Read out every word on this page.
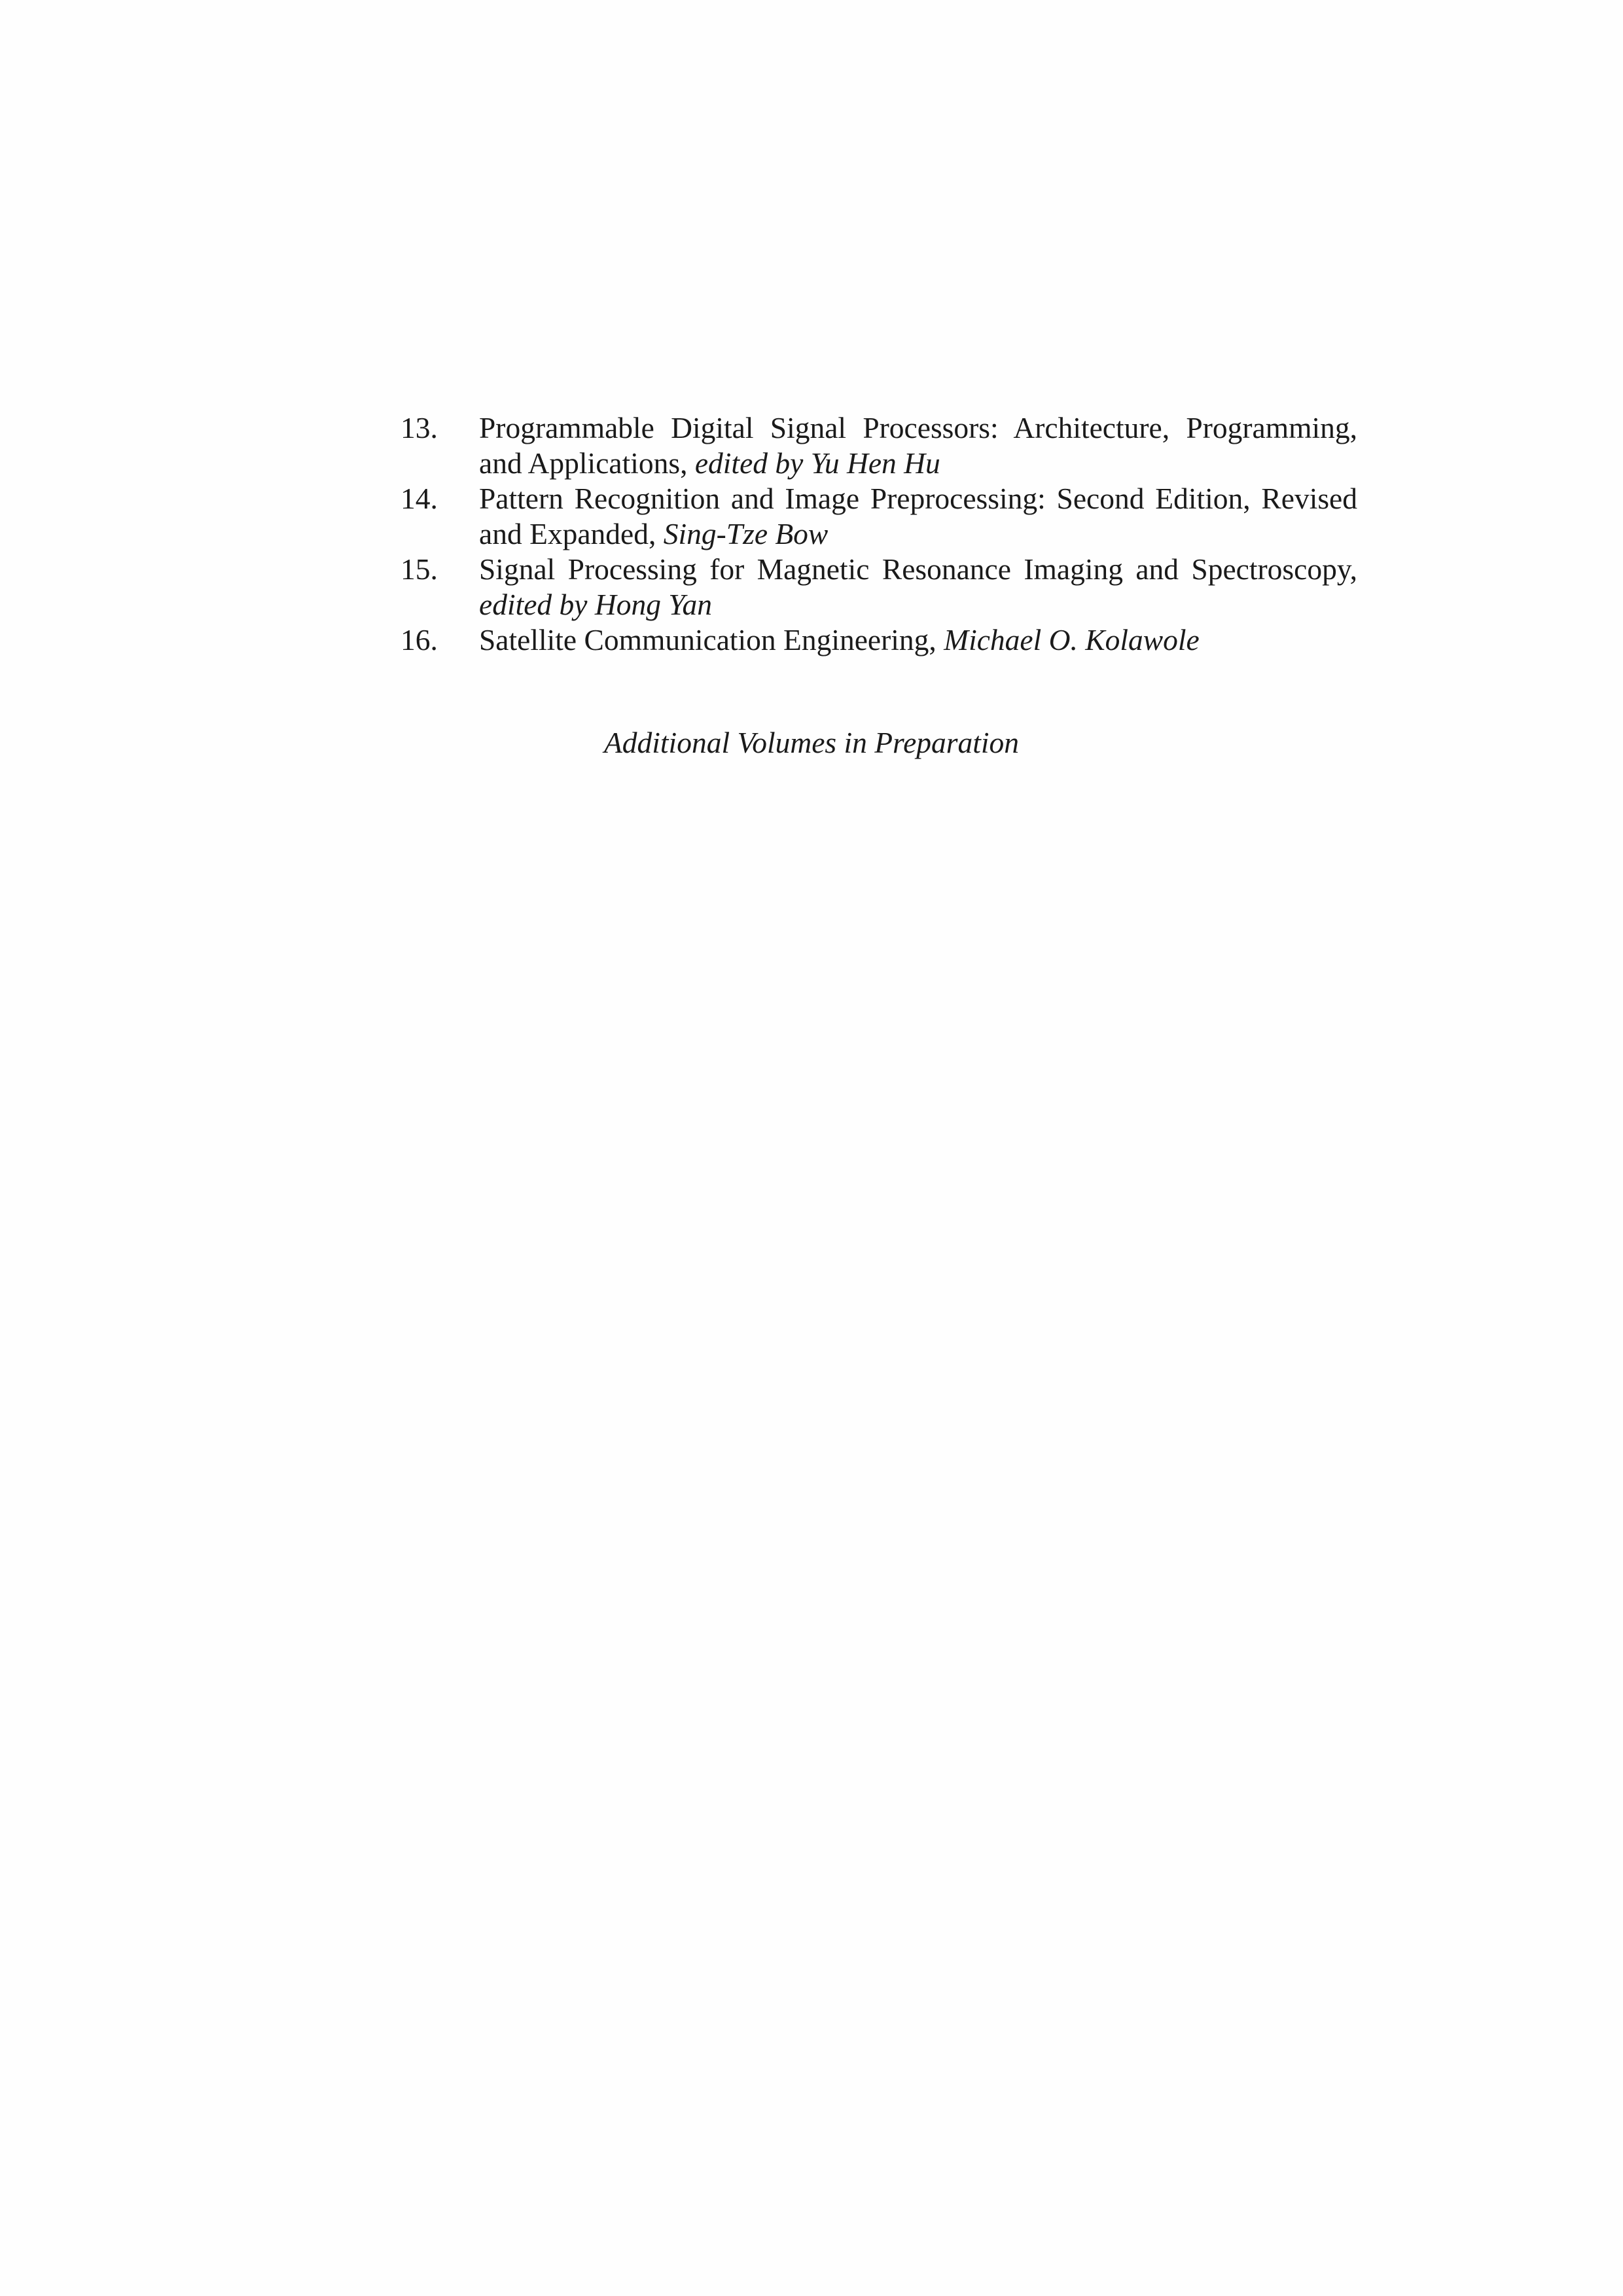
13. Programmable Digital Signal Processors: Architecture, Programming, and Applications, edited by Yu Hen Hu
14. Pattern Recognition and Image Preprocessing: Second Edition, Revised and Expanded, Sing-Tze Bow
15. Signal Processing for Magnetic Resonance Imaging and Spectroscopy, edited by Hong Yan
16. Satellite Communication Engineering, Michael O. Kolawole
Additional Volumes in Preparation
